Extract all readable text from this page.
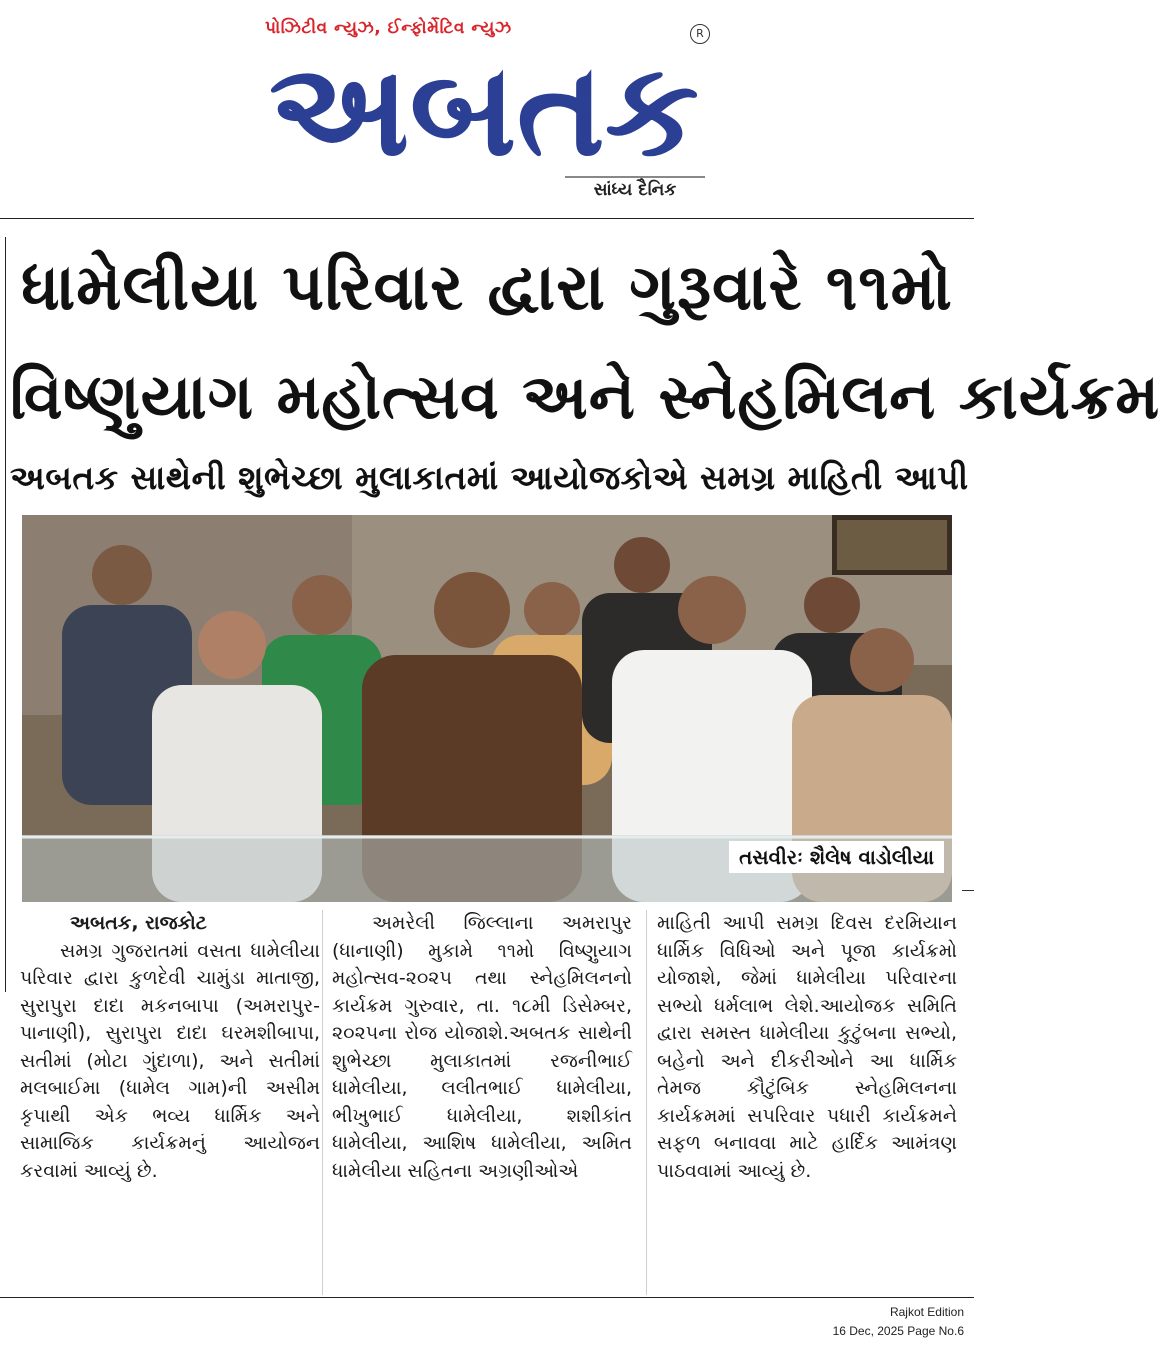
પોઝિટીવ ન્યુઝ, ઈન્ફોર્મેટિવ ન્યુઝ
અબતક
R
સાંધ્ય દૈનિક
ધામેલીયા પરિવાર દ્વારા ગુરૂવારે ૧૧મો
વિષ્ણુયાગ મહોત્સવ અને સ્નેહમિલન કાર્યક્રમ
અબતક સાથેની શુભેચ્છા મુલાકાતમાં આયોજકોએ સમગ્ર માહિતી આપી
તસવીરઃ શૈલેષ વાડોલીયા
અબતક, રાજકોટ
સમગ્ર ગુજરાતમાં વસતા ધામેલીયા પરિવાર દ્વારા કુળદેવી ચામુંડા માતાજી, સુરાપુરા દાદા મકનબાપા (અમરાપુર-પાનાણી), સુરાપુરા દાદા ઘરમશીબાપા, સતીમાં (મોટા ગુંદાળા), અને સતીમાં મલબાઈમા (ધામેલ ગામ)ની અસીમ કૃપાથી એક ભવ્ય ધાર્મિક અને સામાજિક કાર્યક્રમનું આયોજન કરવામાં આવ્યું છે.
અમરેલી જિલ્લાના અમરાપુર (ધાનાણી) મુકામે ૧૧મો વિષ્ણુયાગ મહોત્સવ-૨૦૨૫ તથા સ્નેહમિલનનો કાર્યક્રમ ગુરુવાર, તા. ૧૮મી ડિસેમ્બર, ૨૦૨૫ના રોજ યોજાશે.અબતક સાથેની શુભેચ્છા મુલાકાતમાં રજનીભાઈ ધામેલીયા, લલીતભાઈ ધામેલીયા, ભીખુભાઈ ધામેલીયા, શશીકાંત ધામેલીયા, આશિષ ધામેલીયા, અમિત ધામેલીયા સહિતના અગ્રણીઓએ
માહિતી આપી સમગ્ર દિવસ દરમિયાન ધાર્મિક વિધિઓ અને પૂજા કાર્યક્રમો યોજાશે, જેમાં ધામેલીયા પરિવારના સભ્યો ધર્મલાભ લેશે.આયોજક સમિતિ દ્વારા સમસ્ત ધામેલીયા કુટુંબના સભ્યો, બહેનો અને દીકરીઓને આ ધાર્મિક તેમજ કૌટુંબિક સ્નેહમિલનના કાર્યક્રમમાં સપરિવાર પધારી કાર્યક્રમને સફળ બનાવવા માટે હાર્દિક આમંત્રણ પાઠવવામાં આવ્યું છે.
Rajkot Edition
16 Dec, 2025 Page No.6
